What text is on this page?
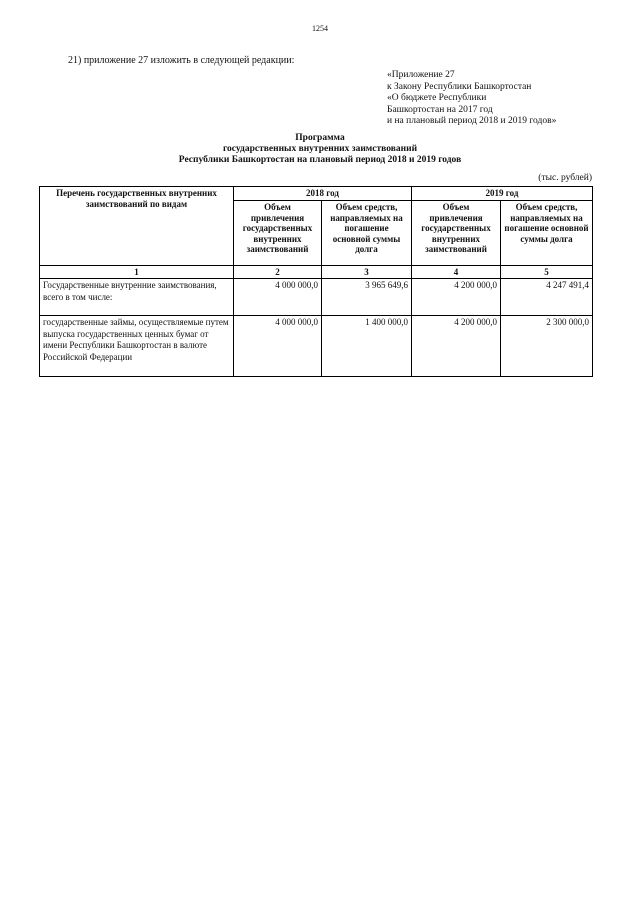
1254
21) приложение 27 изложить в следующей редакции:
«Приложение 27
к Закону Республики Башкортостан
«О бюджете Республики
Башкортостан на 2017 год
и на плановый период 2018 и 2019 годов»
Программа
государственных внутренних заимствований
Республики Башкортостан на плановый период 2018 и 2019 годов
(тыс. рублей)
Перечень государственных внутренних заимствований по видам	2018 год		2019 год	
	Объем привлечения государственных внутренних заимствований	Объем средств, направляемых на погашение основной суммы долга	Объем привлечения государственных внутренних заимствований	Объем средств, направляемых на погашение основной суммы долга
1	2	3	4	5
Государственные внутренние заимствования, всего в том числе:	4 000 000,0	3 965 649,6	4 200 000,0	4 247 491,4
государственные займы, осуществляемые путем выпуска государственных ценных бумаг от имени Республики Башкортостан в валюте Российской Федерации	4 000 000,0	1 400 000,0	4 200 000,0	2 300 000,0
